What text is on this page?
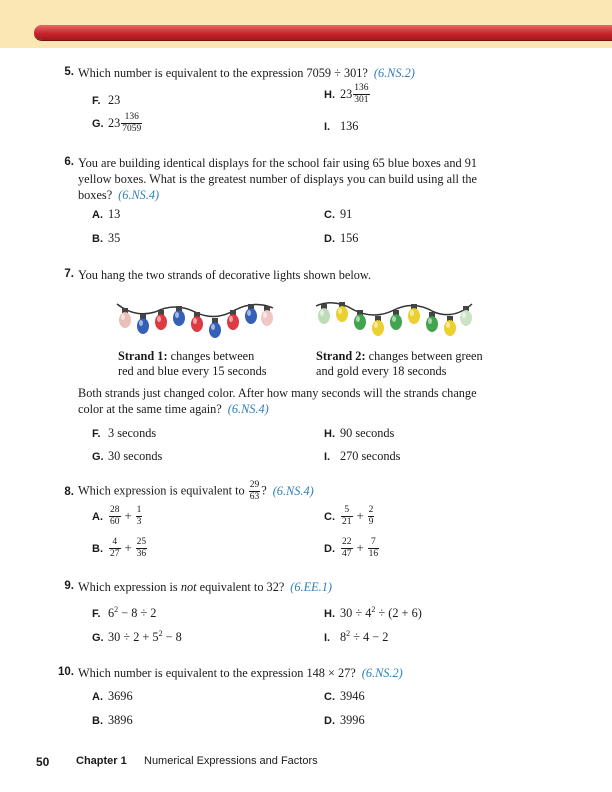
5. Which number is equivalent to the expression 7059 ÷ 301? (6.NS.2)
F. 23	H. $23 \frac{136}{301}$
G. $23 \frac{136}{7059}$	I. 136
6. You are building identical displays for the school fair using 65 blue boxes and 91 yellow boxes. What is the greatest number of displays you can build using all the boxes? (6.NS.4)
A. 13	C. 91
B. 35	D. 156
7. You hang the two strands of decorative lights shown below.
Strand 1: changes between
red and blue every 15 seconds
Strand 2: changes between green
and gold every 18 seconds
Both strands just changed color. After how many seconds will the strands change color at the same time again? (6.NS.4)
F. 3 seconds	H. 90 seconds
G. 30 seconds	I. 270 seconds
8. Which expression is equivalent to $\frac{29}{63}$ ? (6.NS.4)
A. $\frac{28}{60} + \frac{1}{3}$	C. $\frac{5}{21} + \frac{2}{9}$
B. $\frac{4}{27} + \frac{25}{36}$	D. $\frac{22}{47} + \frac{7}{16}$
9. Which expression is not equivalent to 32? (6.EE.1)
F. $6^2 - 8 \div 2$	H. $30 \div 4^2 \div (2 + 6)$
G. $30 \div 2 + 5^2 - 8$	I. $8^2 \div 4 - 2$
10. Which number is equivalent to the expression 148 × 27? (6.NS.2)
A. 3696	C. 3946
B. 3896	D. 3996
50 Chapter 1 Numerical Expressions and Factors
